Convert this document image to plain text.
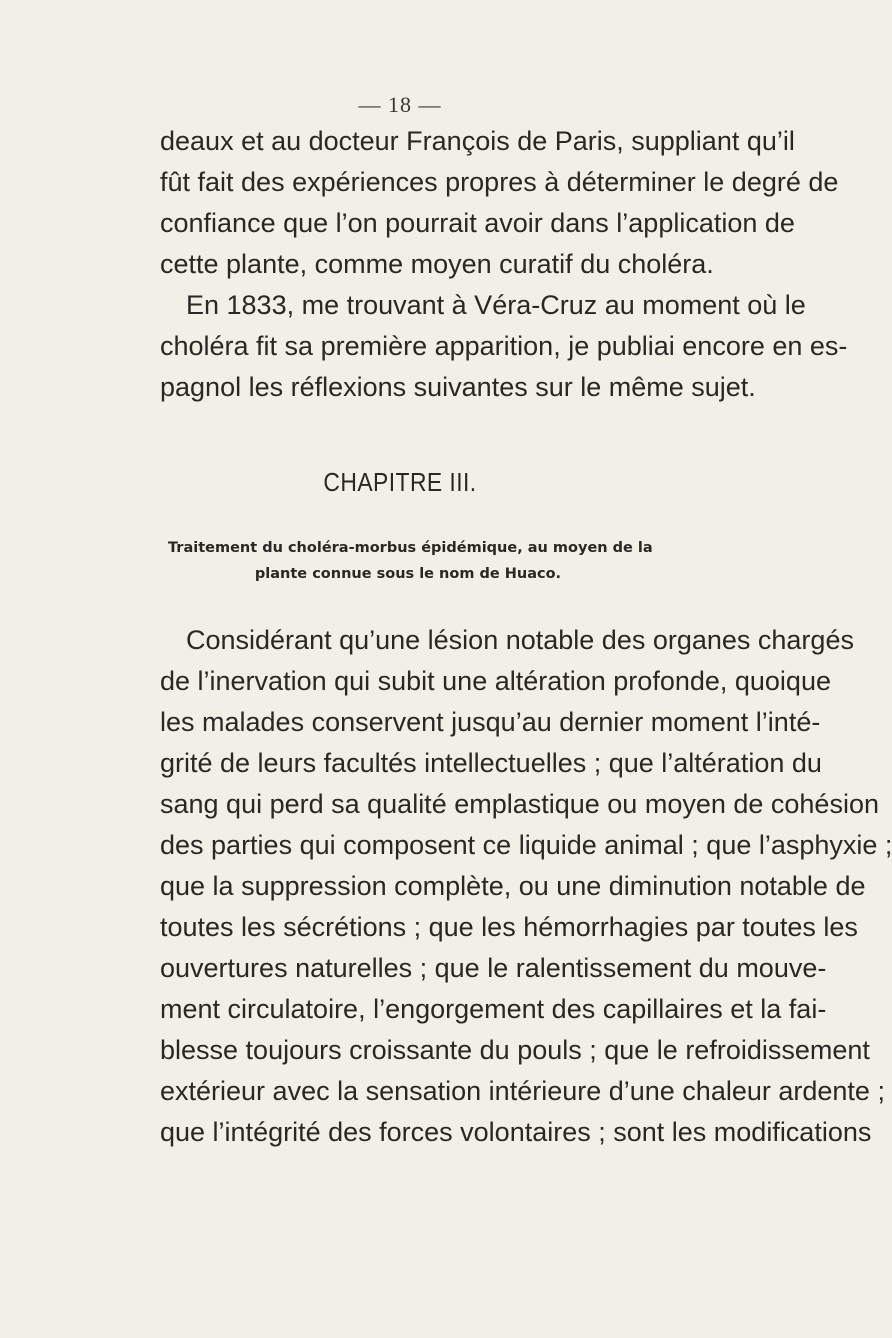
— 18 —
deaux et au docteur François de Paris, suppliant qu’il
fût fait des expériences propres à déterminer le degré de
confiance que l’on pourrait avoir dans l’application de
cette plante, comme moyen curatif du choléra.
En 1833, me trouvant à Véra-Cruz au moment où le
choléra fit sa première apparition, je publiai encore en es-
pagnol les réflexions suivantes sur le même sujet.
CHAPITRE III.
Traitement du choléra-morbus épidémique, au moyen de la
plante connue sous le nom de Huaco.
Considérant qu’une lésion notable des organes chargés
de l’inervation qui subit une altération profonde, quoique
les malades conservent jusqu’au dernier moment l’inté-
grité de leurs facultés intellectuelles ; que l’altération du
sang qui perd sa qualité emplastique ou moyen de cohésion
des parties qui composent ce liquide animal ; que l’asphyxie ;
que la suppression complète, ou une diminution notable de
toutes les sécrétions ; que les hémorrhagies par toutes les
ouvertures naturelles ; que le ralentissement du mouve-
ment circulatoire, l’engorgement des capillaires et la fai-
blesse toujours croissante du pouls ; que le refroidissement
extérieur avec la sensation intérieure d’une chaleur ardente ;
que l’intégrité des forces volontaires ; sont les modifications
